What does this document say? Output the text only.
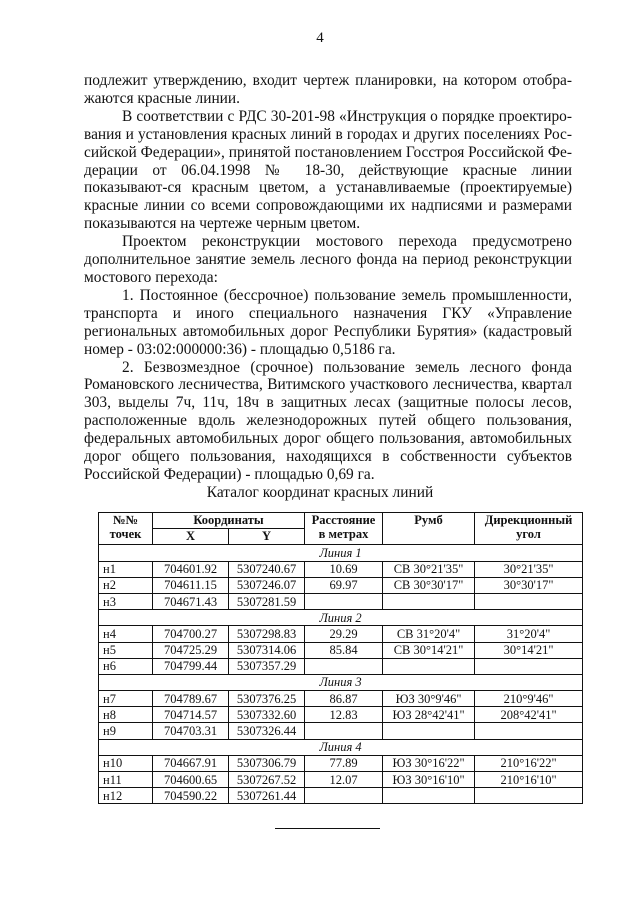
4

подлежит утверждению, входит чертеж планировки, на котором отобра-жаются красные линии.

В соответствии с РДС 30-201-98 «Инструкция о порядке проектиро-вания и установления красных линий в городах и других поселениях Рос-сийской Федерации», принятой постановлением Госстроя Российской Фе-дерации от 06.04.1998 № 18-30, действующие красные линии показывают-ся красным цветом, а устанавливаемые (проектируемые) красные линии со всеми сопровождающими их надписями и размерами показываются на чертеже черным цветом.

Проектом реконструкции мостового перехода предусмотрено дополнительное занятие земель лесного фонда на период реконструкции мостового перехода:

1. Постоянное (бессрочное) пользование земель промышленности, транспорта и иного специального назначения ГКУ «Управление региональных автомобильных дорог Республики Бурятия» (кадастровый номер - 03:02:000000:36) - площадью 0,5186 га.

2. Безвозмездное (срочное) пользование земель лесного фонда Романовского лесничества, Витимского участкового лесничества, квартал 303, выделы 7ч, 11ч, 18ч в защитных лесах (защитные полосы лесов, расположенные вдоль железнодорожных путей общего пользования, федеральных автомобильных дорог общего пользования, автомобильных дорог общего пользования, находящихся в собственности субъектов Российской Федерации) - площадью 0,69 га.

Каталог координат красных линий
№№ точек	Координаты		Расстояние в метрах	Румб	Дирекционный угол
	X	Y			
Линия 1					
н1	704601.92	5307240.67	10.69	СВ 30°21'35"	30°21'35"
н2	704611.15	5307246.07	69.97	СВ 30°30'17"	30°30'17"
н3	704671.43	5307281.59			
Линия 2					
н4	704700.27	5307298.83	29.29	СВ 31°20'4"	31°20'4"
н5	704725.29	5307314.06	85.84	СВ 30°14'21"	30°14'21"
н6	704799.44	5307357.29			
Линия 3					
н7	704789.67	5307376.25	86.87	ЮЗ 30°9'46"	210°9'46"
н8	704714.57	5307332.60	12.83	ЮЗ 28°42'41"	208°42'41"
н9	704703.31	5307326.44			
Линия 4					
н10	704667.91	5307306.79	77.89	ЮЗ 30°16'22"	210°16'22"
н11	704600.65	5307267.52	12.07	ЮЗ 30°16'10"	210°16'10"
н12	704590.22	5307261.44			
